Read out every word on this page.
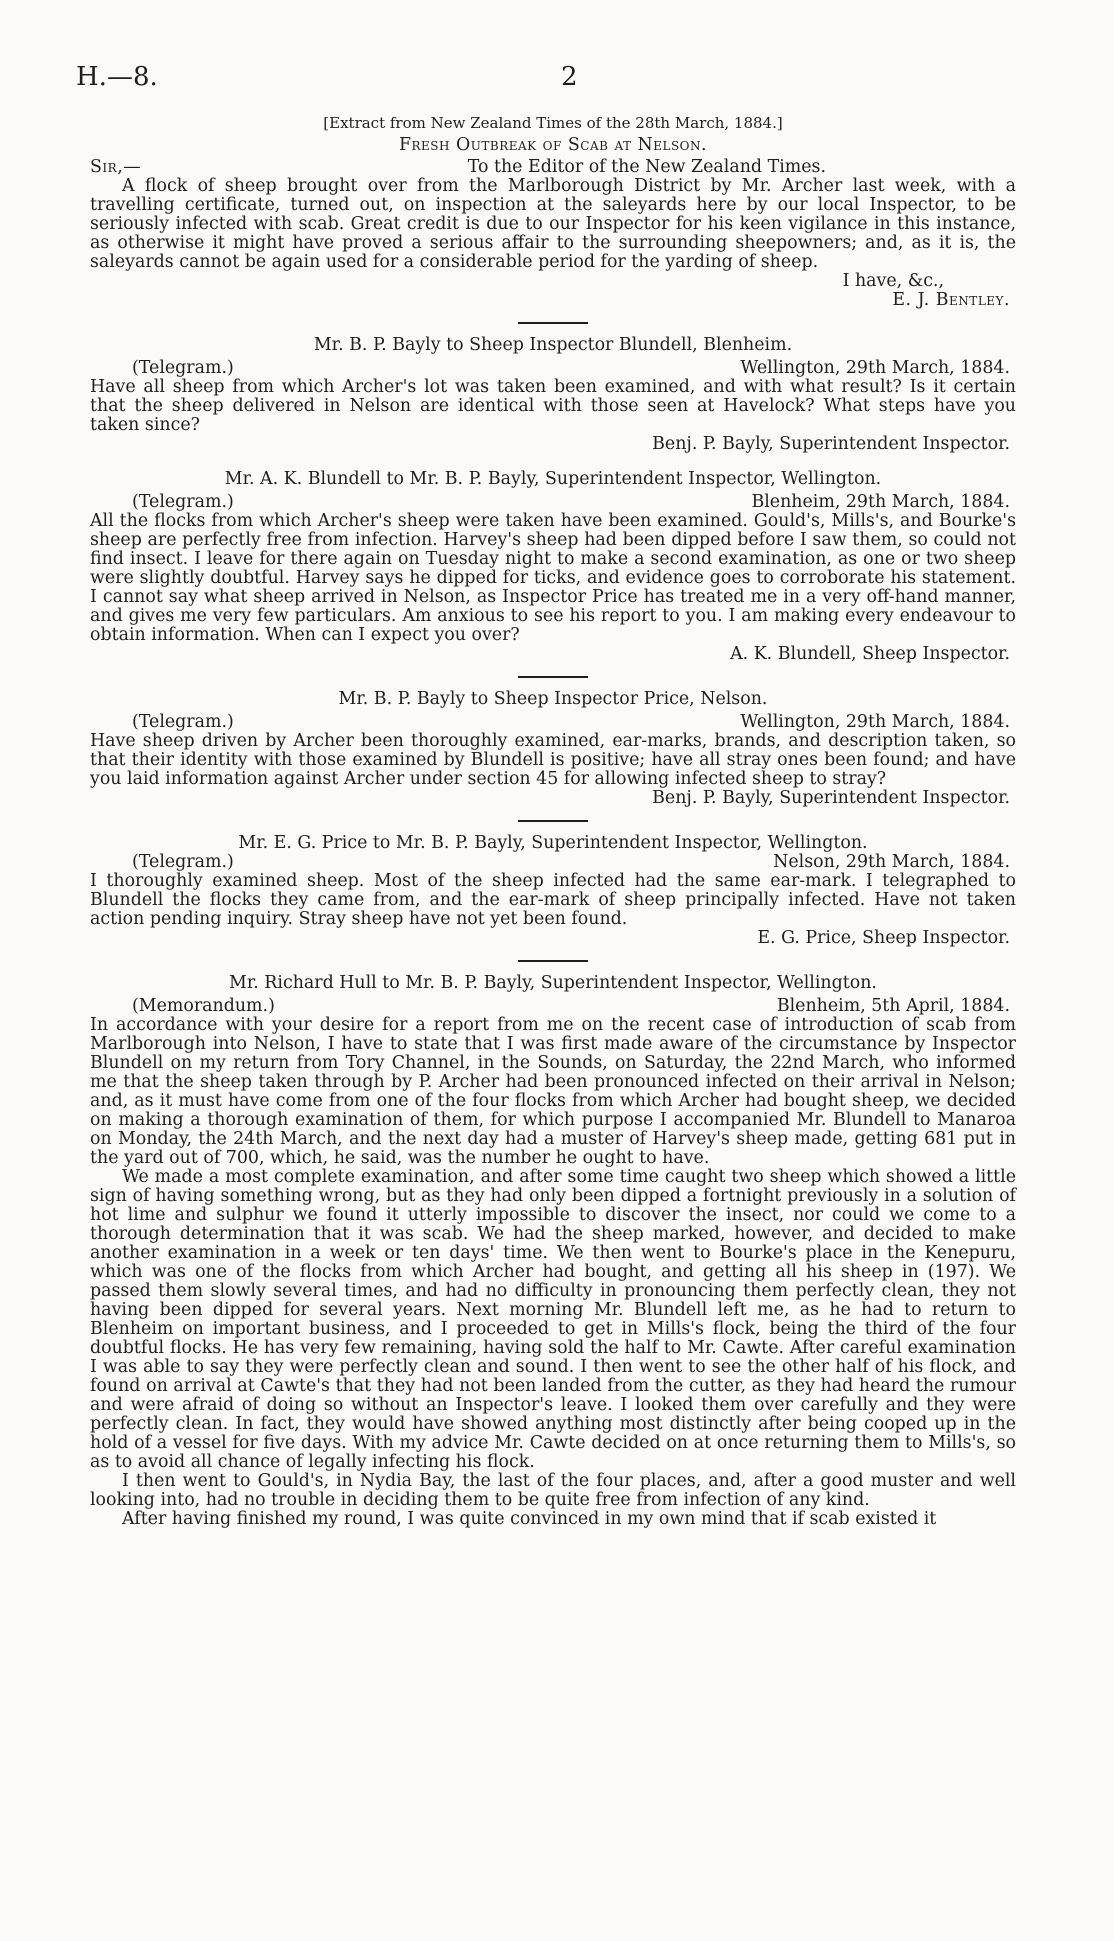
H.—8.	2
[Extract from New Zealand Times of the 28th March, 1884.]
Fresh Outbreak of Scab at Nelson.
Sir,—	To the Editor of the New Zealand Times.
A flock of sheep brought over from the Marlborough District by Mr. Archer last week, with a travelling certificate, turned out, on inspection at the saleyards here by our local Inspector, to be seriously infected with scab. Great credit is due to our Inspector for his keen vigilance in this instance, as otherwise it might have proved a serious affair to the surrounding sheepowners; and, as it is, the saleyards cannot be again used for a considerable period for the yarding of sheep.
I have, &c.,
E. J. Bentley.
Mr. B. P. Bayly to Sheep Inspector Blundell, Blenheim.
(Telegram.)	Wellington, 29th March, 1884.
Have all sheep from which Archer's lot was taken been examined, and with what result? Is it certain that the sheep delivered in Nelson are identical with those seen at Havelock? What steps have you taken since?
Benj. P. Bayly, Superintendent Inspector.
Mr. A. K. Blundell to Mr. B. P. Bayly, Superintendent Inspector, Wellington.
(Telegram.)	Blenheim, 29th March, 1884.
All the flocks from which Archer's sheep were taken have been examined. Gould's, Mills's, and Bourke's sheep are perfectly free from infection. Harvey's sheep had been dipped before I saw them, so could not find insect. I leave for there again on Tuesday night to make a second examination, as one or two sheep were slightly doubtful. Harvey says he dipped for ticks, and evidence goes to corroborate his statement. I cannot say what sheep arrived in Nelson, as Inspector Price has treated me in a very off-hand manner, and gives me very few particulars. Am anxious to see his report to you. I am making every endeavour to obtain information. When can I expect you over?
A. K. Blundell, Sheep Inspector.
Mr. B. P. Bayly to Sheep Inspector Price, Nelson.
(Telegram.)	Wellington, 29th March, 1884.
Have sheep driven by Archer been thoroughly examined, ear-marks, brands, and description taken, so that their identity with those examined by Blundell is positive; have all stray ones been found; and have you laid information against Archer under section 45 for allowing infected sheep to stray?
Benj. P. Bayly, Superintendent Inspector.
Mr. E. G. Price to Mr. B. P. Bayly, Superintendent Inspector, Wellington.
(Telegram.)	Nelson, 29th March, 1884.
I thoroughly examined sheep. Most of the sheep infected had the same ear-mark. I telegraphed to Blundell the flocks they came from, and the ear-mark of sheep principally infected. Have not taken action pending inquiry. Stray sheep have not yet been found.
E. G. Price, Sheep Inspector.
Mr. Richard Hull to Mr. B. P. Bayly, Superintendent Inspector, Wellington.
(Memorandum.)	Blenheim, 5th April, 1884.
In accordance with your desire for a report from me on the recent case of introduction of scab from Marlborough into Nelson, I have to state that I was first made aware of the circumstance by Inspector Blundell on my return from Tory Channel, in the Sounds, on Saturday, the 22nd March, who informed me that the sheep taken through by P. Archer had been pronounced infected on their arrival in Nelson; and, as it must have come from one of the four flocks from which Archer had bought sheep, we decided on making a thorough examination of them, for which purpose I accompanied Mr. Blundell to Manaroa on Monday, the 24th March, and the next day had a muster of Harvey's sheep made, getting 681 put in the yard out of 700, which, he said, was the number he ought to have.
We made a most complete examination, and after some time caught two sheep which showed a little sign of having something wrong, but as they had only been dipped a fortnight previously in a solution of hot lime and sulphur we found it utterly impossible to discover the insect, nor could we come to a thorough determination that it was scab. We had the sheep marked, however, and decided to make another examination in a week or ten days' time. We then went to Bourke's place in the Kenepuru, which was one of the flocks from which Archer had bought, and getting all his sheep in (197). We passed them slowly several times, and had no difficulty in pronouncing them perfectly clean, they not having been dipped for several years. Next morning Mr. Blundell left me, as he had to return to Blenheim on important business, and I proceeded to get in Mills's flock, being the third of the four doubtful flocks. He has very few remaining, having sold the half to Mr. Cawte. After careful examination I was able to say they were perfectly clean and sound. I then went to see the other half of his flock, and found on arrival at Cawte's that they had not been landed from the cutter, as they had heard the rumour and were afraid of doing so without an Inspector's leave. I looked them over carefully and they were perfectly clean. In fact, they would have showed anything most distinctly after being cooped up in the hold of a vessel for five days. With my advice Mr. Cawte decided on at once returning them to Mills's, so as to avoid all chance of legally infecting his flock.
I then went to Gould's, in Nydia Bay, the last of the four places, and, after a good muster and well looking into, had no trouble in deciding them to be quite free from infection of any kind.
After having finished my round, I was quite convinced in my own mind that if scab existed it
